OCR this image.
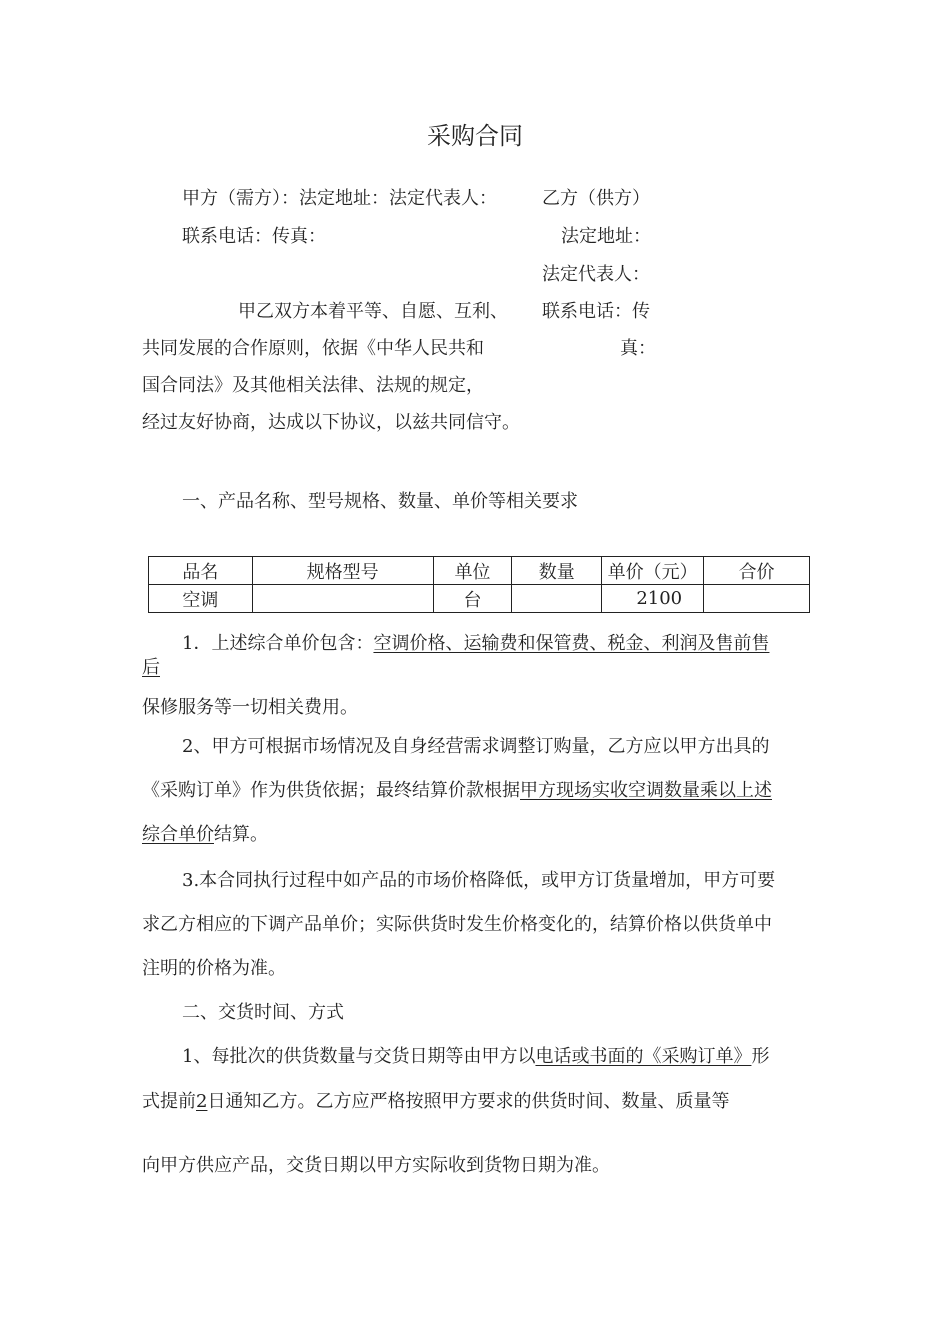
采购合同
甲方（需方）：法定地址：法定代表人：
联系电话：传真：
乙方（供方）
法定地址：
法定代表人：
联系电话：传
真：
甲乙双方本着平等、自愿、互利、
共同发展的合作原则，依据《中华人民共和
国合同法》及其他相关法律、法规的规定，
经过友好协商，达成以下协议，以兹共同信守。
一、产品名称、型号规格、数量、单价等相关要求
品名	规格型号	单位	数量	单价（元）	合价
空调		台		2100	
1．上述综合单价包含：空调价格、运输费和保管费、税金、利润及售前售
后
保修服务等一切相关费用。
2、甲方可根据市场情况及自身经营需求调整订购量，乙方应以甲方出具的
《采购订单》作为供货依据；最终结算价款根据甲方现场实收空调数量乘以上述
综合单价结算。
3.本合同执行过程中如产品的市场价格降低，或甲方订货量增加，甲方可要
求乙方相应的下调产品单价；实际供货时发生价格变化的，结算价格以供货单中
注明的价格为准。
二、交货时间、方式
1、每批次的供货数量与交货日期等由甲方以电话或书面的《采购订单》形
式提前2日通知乙方。乙方应严格按照甲方要求的供货时间、数量、质量等
向甲方供应产品，交货日期以甲方实际收到货物日期为准。
